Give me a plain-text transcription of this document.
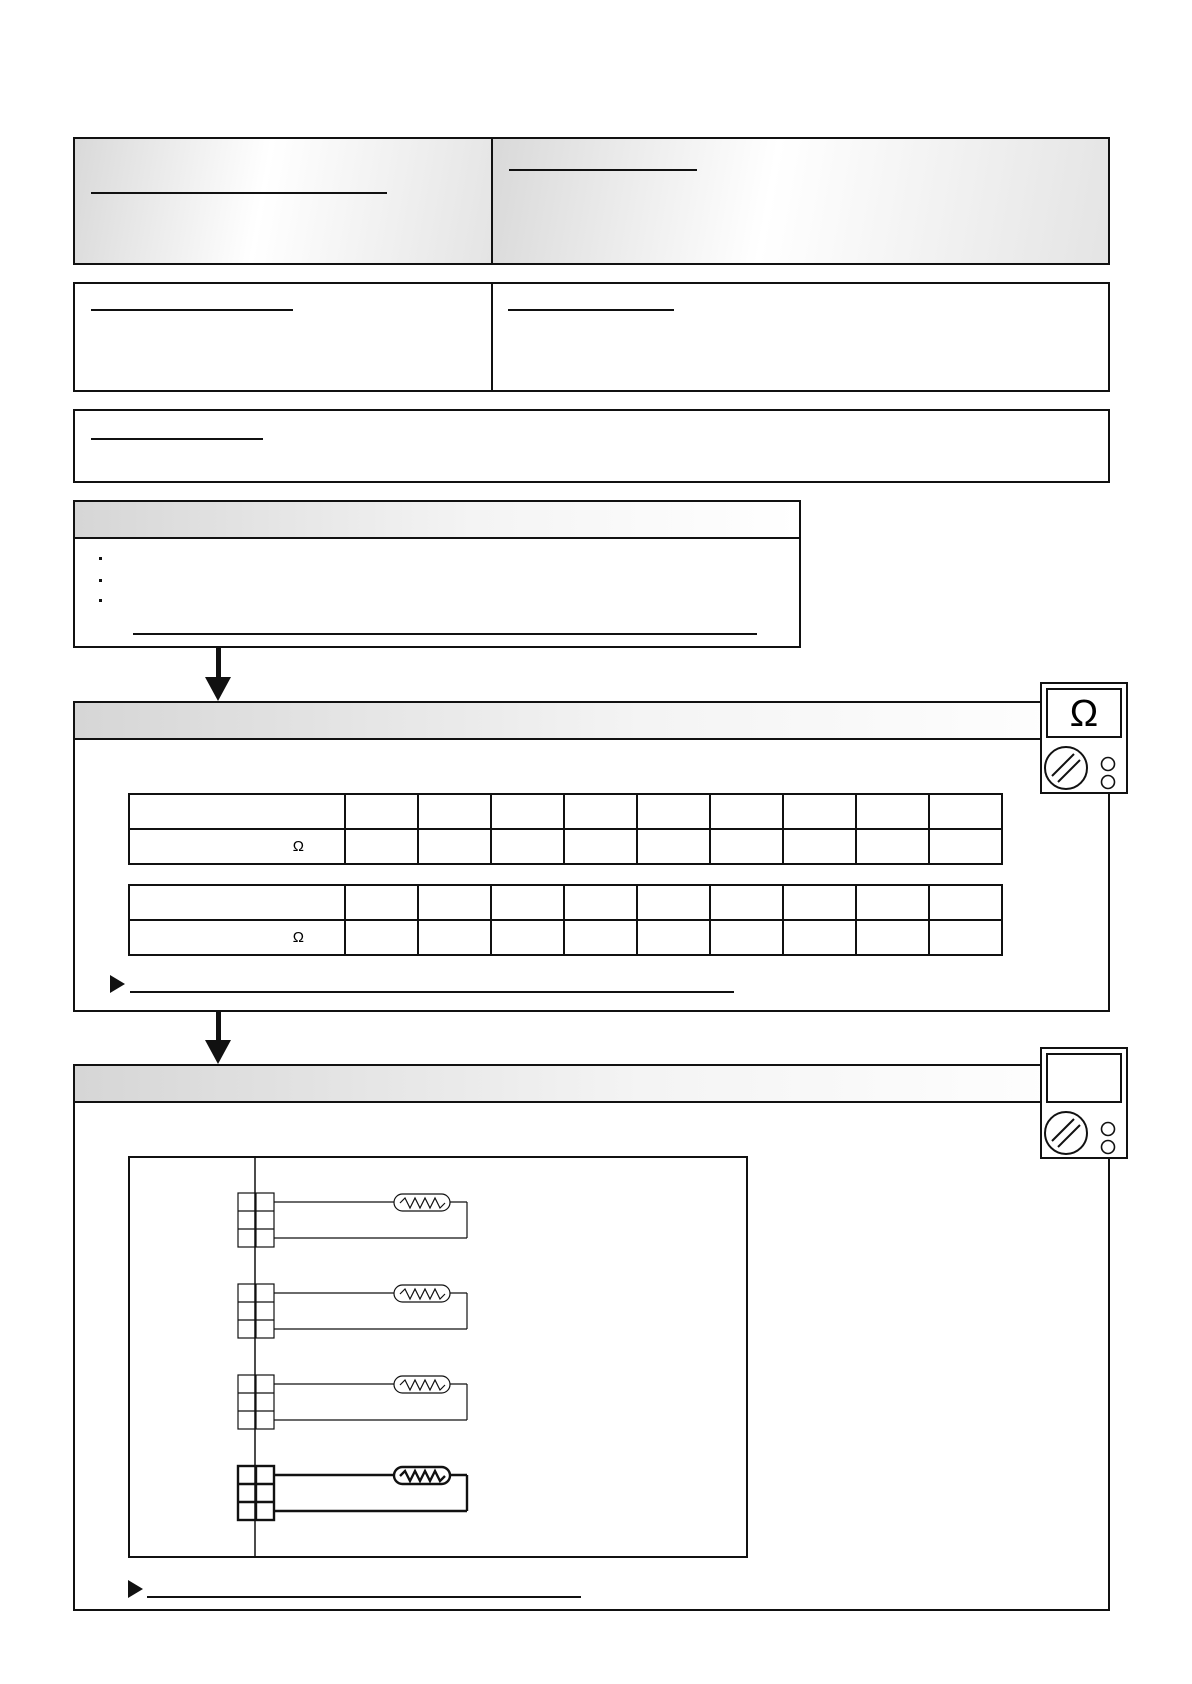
Ω									

Ω									
Ω
